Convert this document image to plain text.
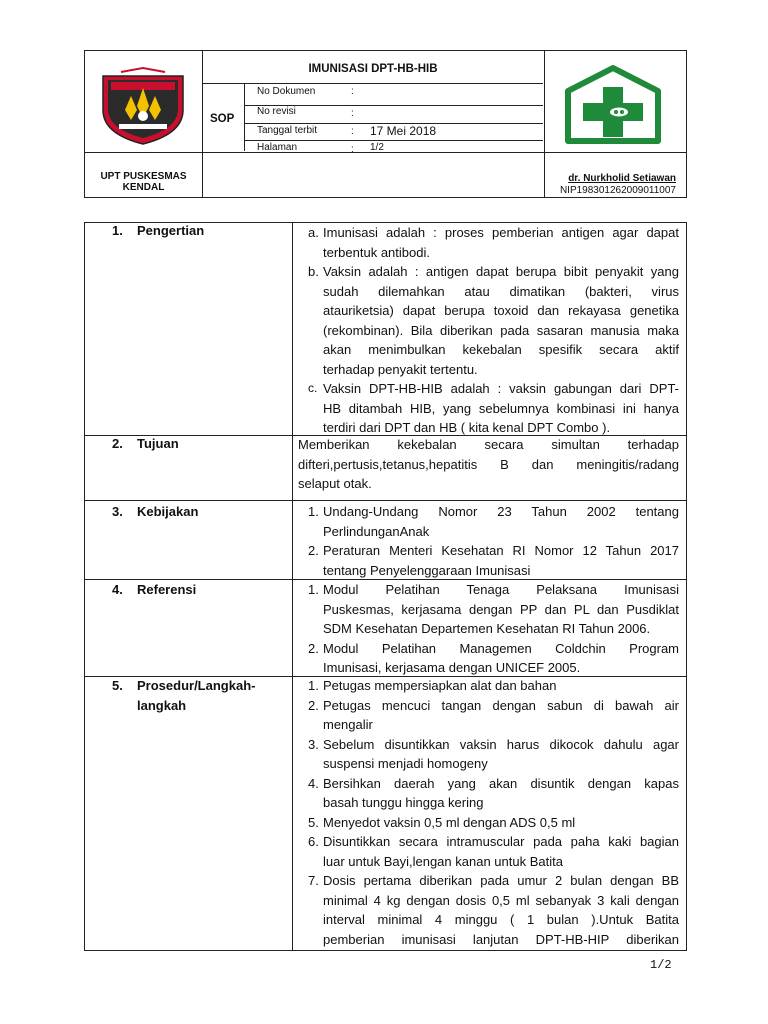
IMUNISASI DPT-HB-HIB
SOP
No Dokumen	:
No revisi	:
Tanggal terbit	: 17 Mei 2018
Halaman	: 1/2
UPT PUSKESMAS
KENDAL
dr. Nurkholid Setiawan
NIP198301262009011007
1. Pengertian	a. Imunisasi adalah : proses pemberian antigen agar dapat
terbentuk antibodi.
b. Vaksin adalah : antigen dapat berupa bibit penyakit yang
sudah dilemahkan atau dimatikan (bakteri, virus
atauriketsia) dapat berupa toxoid dan rekayasa genetika
(rekombinan). Bila diberikan pada sasaran manusia maka
akan menimbulkan kekebalan spesifik secara aktif
terhadap penyakit tertentu.
c. Vaksin DPT-HB-HIB adalah : vaksin gabungan dari DPT-
HB ditambah HIB, yang sebelumnya kombinasi ini hanya
terdiri dari DPT dan HB ( kita kenal DPT Combo ).
2. Tujuan	Memberikan kekebalan secara simultan terhadap
difteri,pertusis,tetanus,hepatitis B dan meningitis/radang
selaput otak.
3. Kebijakan	1. Undang-Undang Nomor 23 Tahun 2002 tentang
PerlindunganAnak
2. Peraturan Menteri Kesehatan RI Nomor 12 Tahun 2017
tentang Penyelenggaraan Imunisasi
4. Referensi	1. Modul Pelatihan Tenaga Pelaksana Imunisasi
Puskesmas, kerjasama dengan PP dan PL dan Pusdiklat
SDM Kesehatan Departemen Kesehatan RI Tahun 2006.
2. Modul Pelatihan Managemen Coldchin Program
Imunisasi, kerjasama dengan UNICEF 2005.
5. Prosedur/Langkah-langkah
1. Petugas mempersiapkan alat dan bahan
2. Petugas mencuci tangan dengan sabun di bawah air
mengalir
3. Sebelum disuntikkan vaksin harus dikocok dahulu agar
suspensi menjadi homogeny
4. Bersihkan daerah yang akan disuntik dengan kapas
basah tunggu hingga kering
5. Menyedot vaksin 0,5 ml dengan ADS 0,5 ml
6. Disuntikkan secara intramuscular pada paha kaki bagian
luar untuk Bayi,lengan kanan untuk Batita
7. Dosis pertama diberikan pada umur 2 bulan dengan BB
minimal 4 kg dengan dosis 0,5 ml sebanyak 3 kali dengan
interval minimal 4 minggu ( 1 bulan ).Untuk Batita
pemberian imunisasi lanjutan DPT-HB-HIP diberikan
1/2
